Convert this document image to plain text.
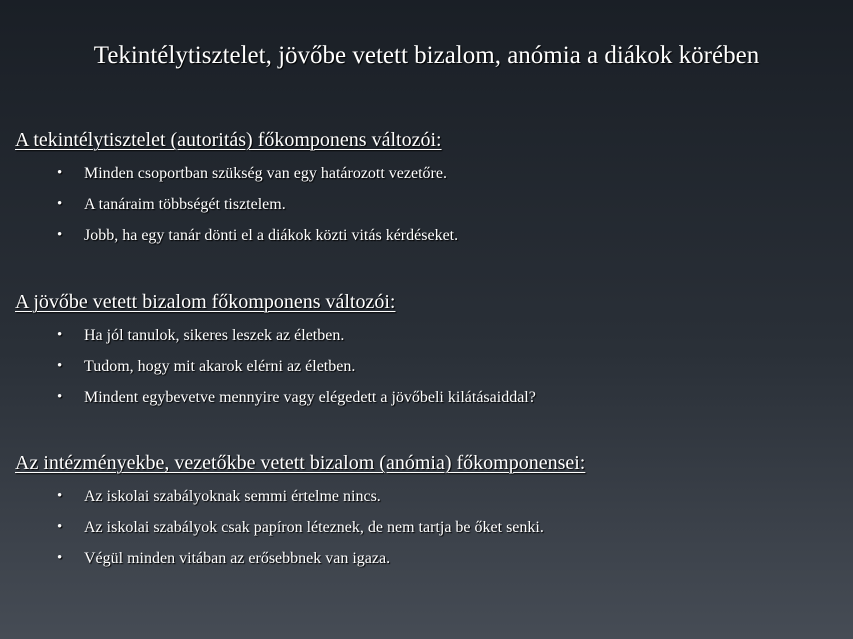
Tekintélytisztelet, jövőbe vetett bizalom, anómia a diákok körében

A tekintélytisztelet (autoritás) főkomponens változói:

• Minden csoportban szükség van egy határozott vezetőre.
• A tanáraim többségét tisztelem.
• Jobb, ha egy tanár dönti el a diákok közti vitás kérdéseket.

A jövőbe vetett bizalom főkomponens változói:

• Ha jól tanulok, sikeres leszek az életben.
• Tudom, hogy mit akarok elérni az életben.
• Mindent egybevetve mennyire vagy elégedett a jövőbeli kilátásaiddal?

Az intézményekbe, vezetőkbe vetett bizalom (anómia) főkomponensei:

• Az iskolai szabályoknak semmi értelme nincs.
• Az iskolai szabályok csak papíron léteznek, de nem tartja be őket senki.
• Végül minden vitában az erősebbnek van igaza.
